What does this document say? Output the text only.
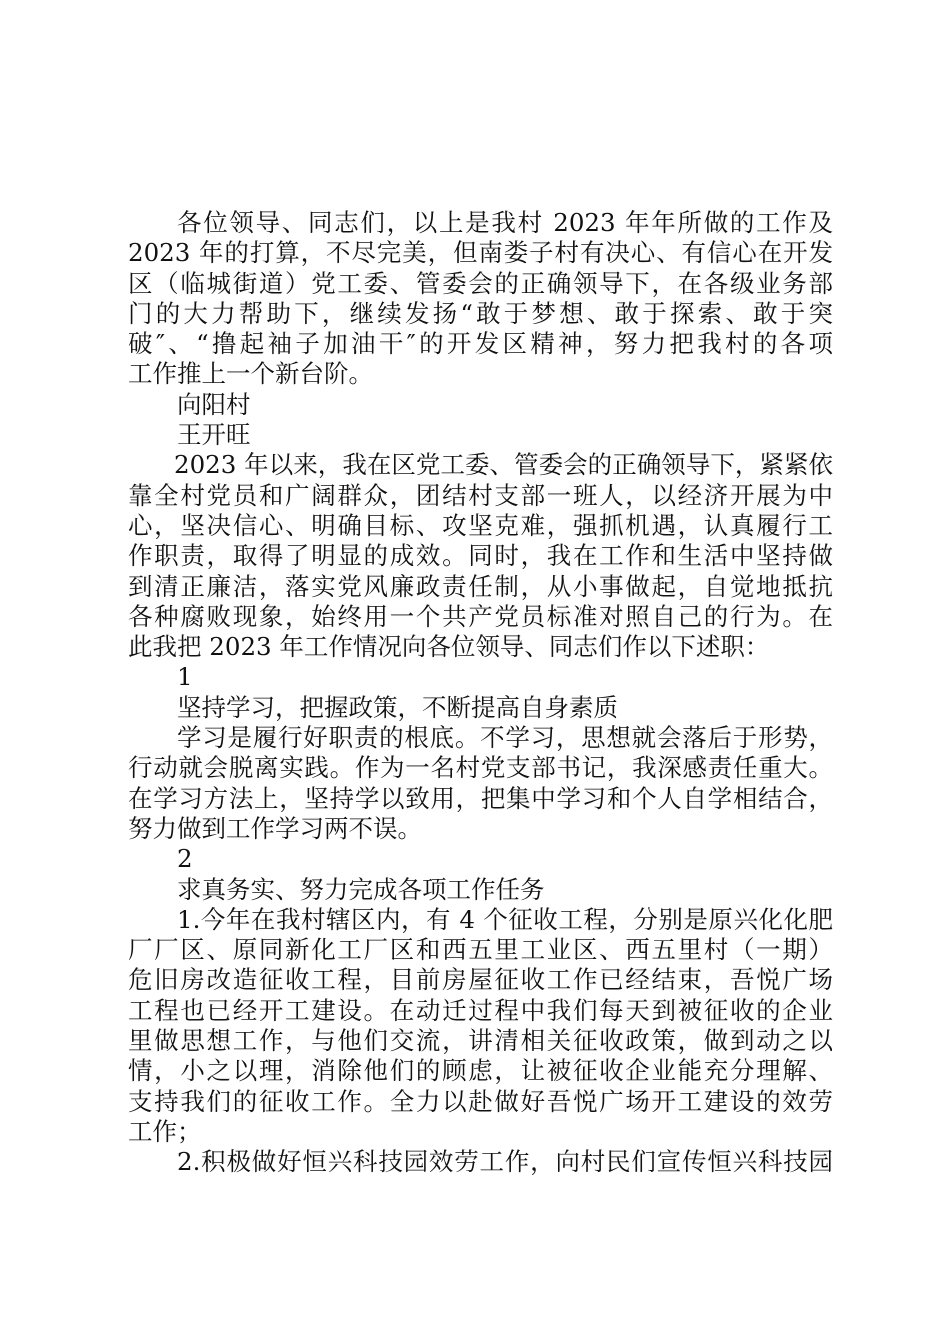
各位领导、同志们，以上是我村 2023 年年所做的工作及
2023 年的打算，不尽完美，但南娄子村有决心、有信心在开发
区（临城街道）党工委、管委会的正确领导下，在各级业务部
门的大力帮助下，继续发扬“敢于梦想、敢于探索、敢于突
破″、“撸起袖子加油干″的开发区精神，努力把我村的各项
工作推上一个新台阶。
向阳村
王开旺
2023 年以来，我在区党工委、管委会的正确领导下，紧紧依
靠全村党员和广阔群众，团结村支部一班人，以经济开展为中
心，坚决信心、明确目标、攻坚克难，强抓机遇，认真履行工
作职责，取得了明显的成效。同时，我在工作和生活中坚持做
到清正廉洁，落实党风廉政责任制，从小事做起，自觉地抵抗
各种腐败现象，始终用一个共产党员标准对照自己的行为。在
此我把 2023 年工作情况向各位领导、同志们作以下述职：
1
坚持学习，把握政策，不断提高自身素质
学习是履行好职责的根底。不学习，思想就会落后于形势，
行动就会脱离实践。作为一名村党支部书记，我深感责任重大。
在学习方法上，坚持学以致用，把集中学习和个人自学相结合，
努力做到工作学习两不误。
2
求真务实、努力完成各项工作任务
1.今年在我村辖区内，有 4 个征收工程，分别是原兴化化肥
厂厂区、原同新化工厂区和西五里工业区、西五里村（一期）
危旧房改造征收工程，目前房屋征收工作已经结束，吾悦广场
工程也已经开工建设。在动迁过程中我们每天到被征收的企业
里做思想工作，与他们交流，讲清相关征收政策，做到动之以
情，小之以理，消除他们的顾虑，让被征收企业能充分理解、
支持我们的征收工作。全力以赴做好吾悦广场开工建设的效劳
工作；
2.积极做好恒兴科技园效劳工作，向村民们宣传恒兴科技园
